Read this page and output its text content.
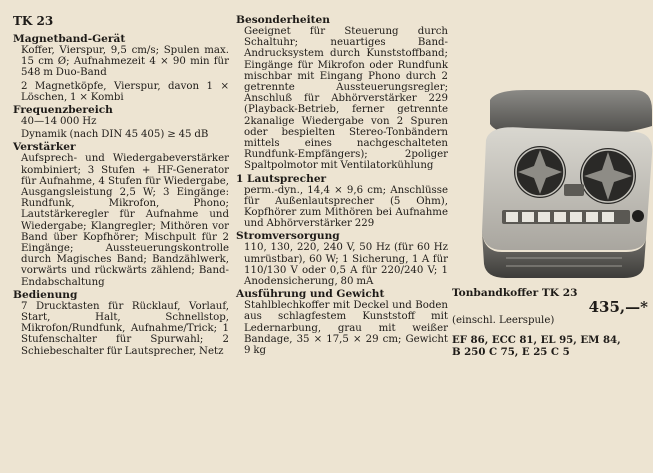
TK 23
Magnetband-Gerät

Koffer, Vierspur, 9,5 cm/s; Spulen max. 15 cm Ø; Aufnahmezeit 4 × 90 min für 548 m Duo-Band

2 Magnetköpfe, Vierspur, davon 1 × Löschen, 1 × Kombi

Frequenzbereich

40—14 000 Hz

Dynamik (nach DIN 45 405) ≥ 45 dB

Verstärker

Aufsprech- und Wiedergabeverstärker kombiniert; 3 Stufen + HF-Generator für Aufnahme, 4 Stufen für Wiedergabe, Ausgangsleistung 2,5 W; 3 Eingänge: Rundfunk, Mikrofon, Phono; Lautstärkeregler für Aufnahme und Wiedergabe; Klangregler; Mithören vor Band über Kopfhörer; Mischpult für 2 Eingänge; Aussteuerungskontrolle durch Magisches Band; Bandzählwerk, vorwärts und rückwärts zählend; Band-Endabschaltung

Bedienung

7 Drucktasten für Rücklauf, Vorlauf, Start, Halt, Schnellstop, Mikrofon/Rundfunk, Aufnahme/Trick; 1 Stufenschalter für Spurwahl; 2 Schiebeschalter für Lautsprecher, Netz

Besonderheiten

Geeignet für Steuerung durch Schaltuhr; neuartiges Band-Andrucksystem durch Kunststoffband; Eingänge für Mikrofon oder Rundfunk mischbar mit Eingang Phono durch 2 getrennte Aussteuerungsregler; Anschluß für Abhörverstärker 229 (Playback-Betrieb, ferner getrennte 2kanalige Wiedergabe von 2 Spuren oder bespielten Stereo-Tonbändern mittels eines nachgeschalteten Rundfunk-Empfängers); 2poliger Spaltpolmotor mit Ventilatorkühlung

1 Lautsprecher

perm.-dyn., 14,4 × 9,6 cm; Anschlüsse für Außenlautsprecher (5 Ohm), Kopfhörer zum Mithören bei Aufnahme und Abhörverstärker 229

Stromversorgung

110, 130, 220, 240 V, 50 Hz (für 60 Hz umrüstbar), 60 W; 1 Sicherung, 1 A für 110/130 V oder 0,5 A für 220/240 V; 1 Anodensicherung, 80 mA

Ausführung und Gewicht

Stahlblechkoffer mit Deckel und Boden aus schlagfestem Kunststoff mit Ledernarbung, grau mit weißer Bandage, 35 × 17,5 × 29 cm; Gewicht 9 kg

Tonbandkoffer TK 23
435,—*
(einschl. Leerspule)
EF 86, ECC 81, EL 95, EM 84,
B 250 C 75, E 25 C 5
